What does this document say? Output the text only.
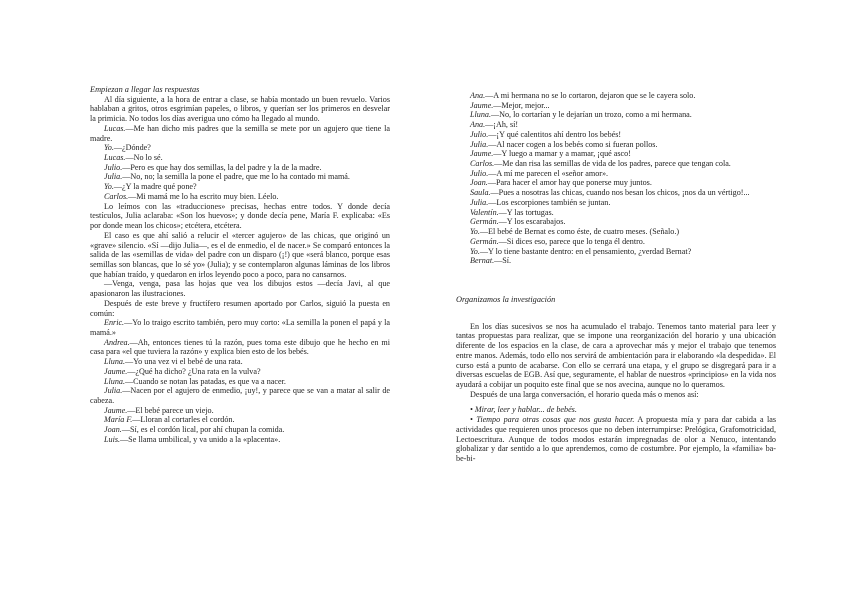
Empiezan a llegar las respuestas

Al día siguiente, a la hora de entrar a clase, se había montado un buen revuelo. Varios hablaban a gritos, otros esgrimían papeles, o libros, y querían ser los primeros en desvelar la primicia. No todos los días averigua uno cómo ha llegado al mundo.

Lucas.—Me han dicho mis padres que la semilla se mete por un agujero que tiene la madre.

Yo.—¿Dónde?

Lucas.—No lo sé.

Julio.—Pero es que hay dos semillas, la del padre y la de la madre.

Julia.—No, no; la semilla la pone el padre, que me lo ha contado mi mamá.

Yo.—¿Y la madre qué pone?

Carlos.—Mi mamá me lo ha escrito muy bien. Léelo.

Lo leímos con las «traducciones» precisas, hechas entre todos. Y donde decía testículos, Julia aclaraba: «Son los huevos»; y donde decía pene, María F. explicaba: «Es por donde mean los chicos»; etcétera, etcétera.

El caso es que ahí salió a relucir el «tercer agujero» de las chicas, que originó un «grave» silencio. «Sí —dijo Julia—, es el de enmedio, el de nacer.» Se comparó entonces la salida de las «semillas de vida» del padre con un disparo (¡!) que «será blanco, porque esas semillas son blancas, que lo sé yo» (Julia); y se contemplaron algunas láminas de los libros que habían traído, y quedaron en irlos leyendo poco a poco, para no cansarnos.

—Venga, venga, pasa las hojas que vea los dibujos estos —decía Javi, al que apasionaron las ilustraciones.

Después de este breve y fructífero resumen aportado por Carlos, siguió la puesta en común:

Enric.—Yo lo traigo escrito también, pero muy corto: «La semilla la ponen el papá y la mamá.»

Andrea.—Ah, entonces tienes tú la razón, pues toma este dibujo que he hecho en mi casa para «el que tuviera la razón» y explica bien esto de los bebés.

Lluna.—Yo una vez vi el bebé de una rata.

Jaume.—¿Qué ha dicho? ¿Una rata en la vulva?

Lluna.—Cuando se notan las patadas, es que va a nacer.

Julia.—Nacen por el agujero de enmedio, ¡uy!, y parece que se van a matar al salir de cabeza.

Jaume.—El bebé parece un viejo.

María F.—Lloran al cortarles el cordón.

Joan.—Sí, es el cordón lical, por ahí chupan la comida.

Luis.—Se llama umbilical, y va unido a la «placenta».

Ana.—A mi hermana no se lo cortaron, dejaron que se le cayera solo.

Jaume.—Mejor, mejor...

Lluna.—No, lo cortarían y le dejarían un trozo, como a mi hermana.

Ana.—¡Ah, sí!

Julio.—¡Y qué calentitos ahí dentro los bebés!

Julia.—Al nacer cogen a los bebés como si fueran pollos.

Jaume.—Y luego a mamar y a mamar, ¡qué asco!

Carlos.—Me dan risa las semillas de vida de los padres, parece que tengan cola.

Julio.—A mí me parecen el «señor amor».

Joan.—Para hacer el amor hay que ponerse muy juntos.

Saula.—Pues a nosotras las chicas, cuando nos besan los chicos, ¡nos da un vértigo!...

Julia.—Los escorpiones también se juntan.

Valentín.—Y las tortugas.

Germán.—Y los escarabajos.

Yo.—El bebé de Bernat es como éste, de cuatro meses. (Señalo.)

Germán.—Si dices eso, parece que lo tenga él dentro.

Yo.—Y lo tiene bastante dentro: en el pensamiento, ¿verdad Bernat?

Bernat.—Sí.

Organizamos la investigación

En los días sucesivos se nos ha acumulado el trabajo. Tenemos tanto material para leer y tantas propuestas para realizar, que se impone una reorganización del horario y una ubicación diferente de los espacios en la clase, de cara a aprovechar más y mejor el trabajo que tenemos entre manos. Además, todo ello nos servirá de ambientación para ir elaborando «la despedida». El curso está a punto de acabarse. Con ello se cerrará una etapa, y el grupo se disgregará para ir a diversas escuelas de EGB. Así que, seguramente, el hablar de nuestros «principios» en la vida nos ayudará a cobijar un poquito este final que se nos avecina, aunque no lo queramos.

Después de una larga conversación, el horario queda más o menos así:

• Mirar, leer y hablar... de bebés.

• Tiempo para otras cosas que nos gusta hacer. A propuesta mía y para dar cabida a las actividades que requieren unos procesos que no deben interrumpirse: Prelógica, Grafomotricidad, Lectoescritura. Aunque de todos modos estarán impregnadas de olor a Nenuco, intentando globalizar y dar sentido a lo que aprendemos, como de costumbre. Por ejemplo, la «familia» ba-be-bi-
